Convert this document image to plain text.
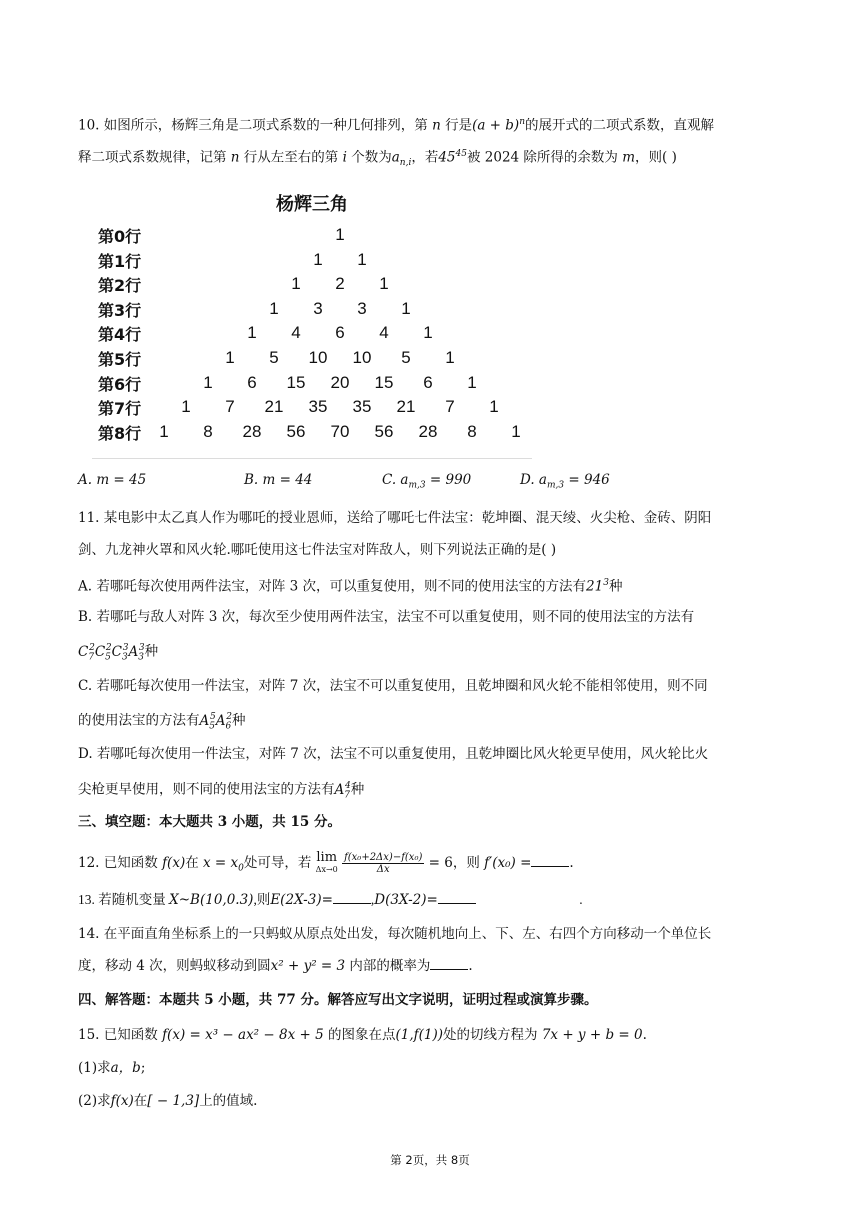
10. 如图所示，杨辉三角是二项式系数的一种几何排列，第 n 行是$(a + b)^n$的展开式的二项式系数，直观解
释二项式系数规律，记第 n 行从左至右的第 i 个数为$a_{n,i}$，若$45^{45}$被 2024 除所得的余数为 m，则( )
杨辉三角
第0行	1
第1行	1	1
第2行	1	2	1
第3行	1	3	3	1
第4行	1	4	6	4	1
第5行	1	5	10	10	5	1
第6行	1	6	15	20	15	6	1
第7行	1	7	21	35	35	21	7	1
第8行	1	8	28	56	70	56	28	8	1
A. m = 45	B. m = 44	C. $a_{m,3} = 990$	D. $a_{m,3} = 946$
11. 某电影中太乙真人作为哪吒的授业恩师，送给了哪吒七件法宝：乾坤圈、混天绫、火尖枪、金砖、阴阳
剑、九龙神火罩和风火轮.哪吒使用这七件法宝对阵敌人，则下列说法正确的是( )
A. 若哪吒每次使用两件法宝，对阵 3 次，可以重复使用，则不同的使用法宝的方法有$21^3$种
B. 若哪吒与敌人对阵 3 次，每次至少使用两件法宝，法宝不可以重复使用，则不同的使用法宝的方法有
$C_7^2C_5^2C_3^3A_3^3$种
C. 若哪吒每次使用一件法宝，对阵 7 次，法宝不可以重复使用，且乾坤圈和风火轮不能相邻使用，则不同
的使用法宝的方法有$A_5^5A_6^2$种
D. 若哪吒每次使用一件法宝，对阵 7 次，法宝不可以重复使用，且乾坤圈比风火轮更早使用，风火轮比火
尖枪更早使用，则不同的使用法宝的方法有$A_7^4$种
三、填空题：本大题共 3 小题，共 15 分。
12. 已知函数 f(x)在 $x = x_0$处可导，若 lim
Δx→0
$\frac{\text{f(x₀+2Δx)−f(x₀)}}{\Delta x} = 6$，则 f′(x₀) =	.
13. 若随机变量 X~B(10,0.3),则E(2X-3)=	,D(3X-2)=	.
14. 在平面直角坐标系上的一只蚂蚁从原点处出发，每次随机地向上、下、左、右四个方向移动一个单位长
度，移动 4 次，则蚂蚁移动到圆x² + y² = 3 内部的概率为	.
四、解答题：本题共 5 小题，共 77 分。解答应写出文字说明，证明过程或演算步骤。
15. 已知函数 f(x) = x³ − ax² − 8x + 5 的图象在点(1,f(1))处的切线方程为 7x + y + b = 0.
(1)求a，b;
(2)求f(x)在[ − 1,3]上的值域.
第 2页，共 8页
